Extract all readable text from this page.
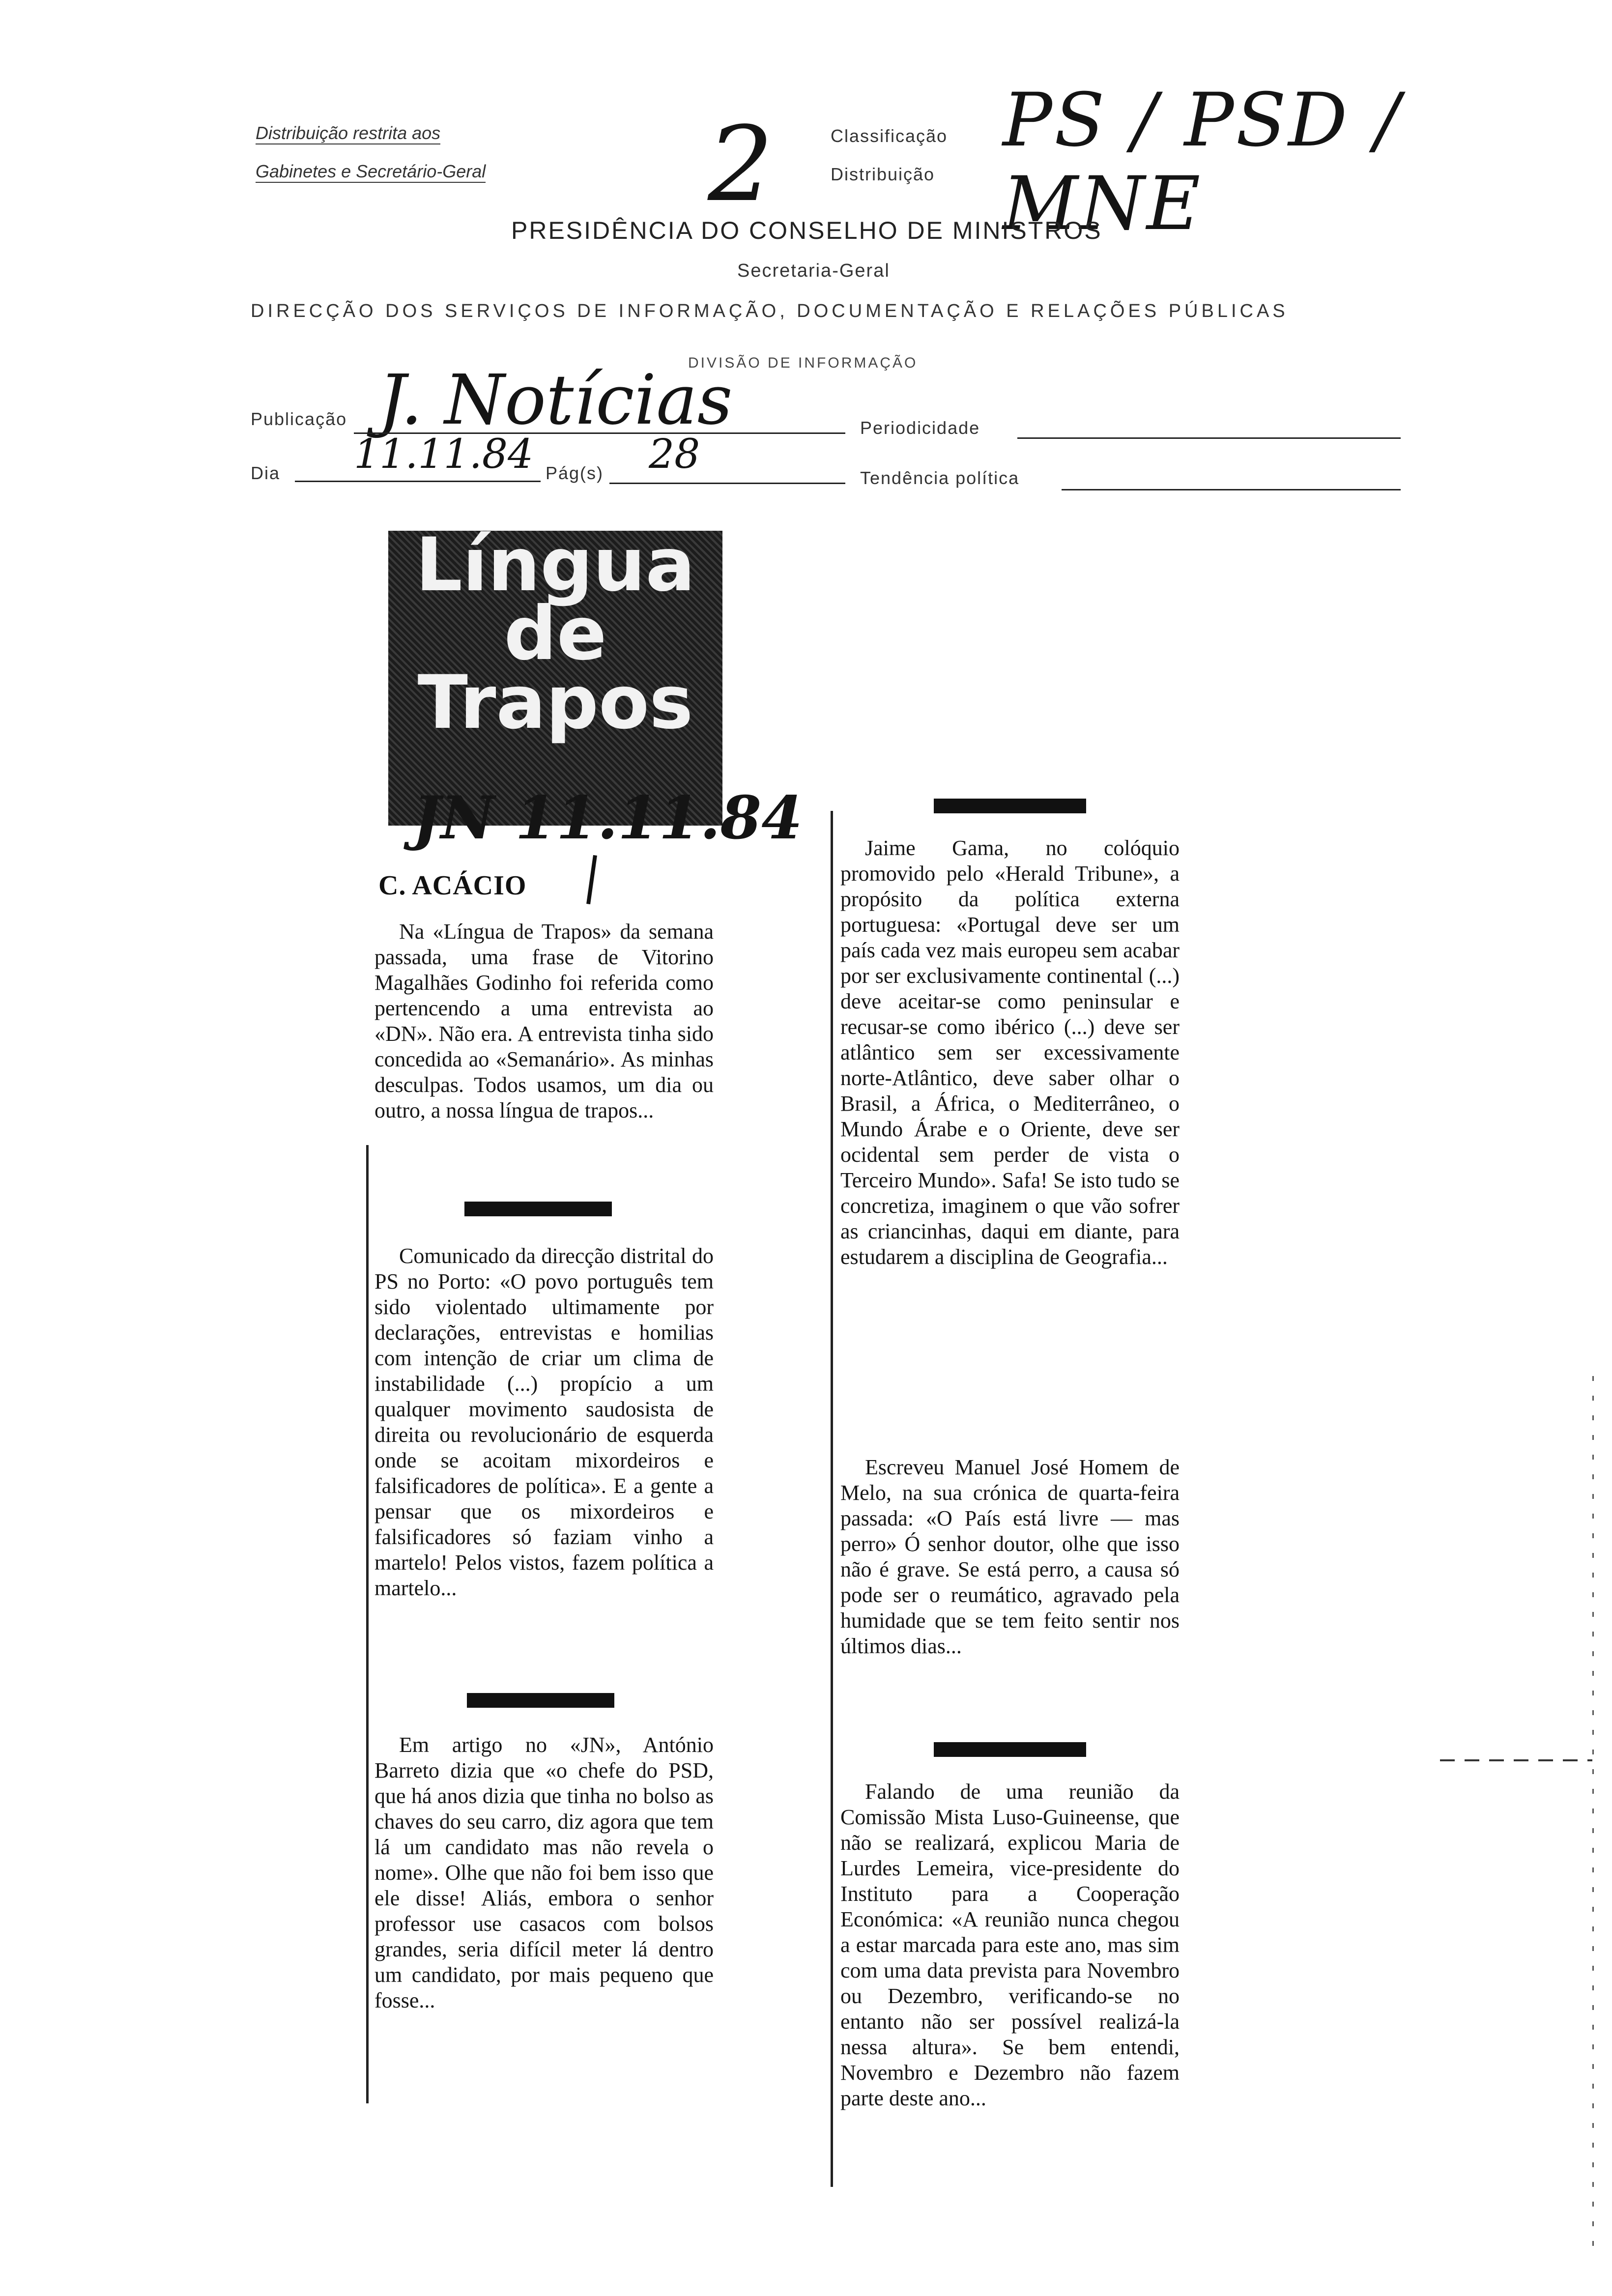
Distribuição restrita aos
Gabinetes e Secretário-Geral
Classificação
Distribuição
2	PS / PSD / MNE
PRESIDÊNCIA DO CONSELHO DE MINISTROS
Secretaria-Geral
DIRECÇÃO DOS SERVIÇOS DE INFORMAÇÃO, DOCUMENTAÇÃO E RELAÇÕES PÚBLICAS
DIVISÃO DE INFORMAÇÃO
Publicação J. Notícias	Periodicidade
Dia 11.11.84 Pág(s) 28
Tendência política
Língua
de
Trapos
JN 11.11.84
C. ACÁCIO

Na «Língua de Trapos» da semana passada, uma frase de Vitorino Magalhães Godinho foi referida como pertencendo a uma entrevista ao «DN». Não era. A entrevista tinha sido concedida ao «Semanário». As minhas desculpas. Todos usamos, um dia ou outro, a nossa língua de trapos...

Comunicado da direcção distrital do PS no Porto: «O povo português tem sido violentado ultimamente por declarações, entrevistas e homilias com intenção de criar um clima de instabilidade (...) propício a um qualquer movimento saudosista de direita ou revolucionário de esquerda onde se acoitam mixordeiros e falsificadores de política». E a gente a pensar que os mixordeiros e falsificadores só faziam vinho a martelo! Pelos vistos, fazem política a martelo...

Em artigo no «JN», António Barreto dizia que «o chefe do PSD, que há anos dizia que tinha no bolso as chaves do seu carro, diz agora que tem lá um candidato mas não revela o nome». Olhe que não foi bem isso que ele disse! Aliás, embora o senhor professor use casacos com bolsos grandes, seria difícil meter lá dentro um candidato, por mais pequeno que fosse...

Jaime Gama, no colóquio promovido pelo «Herald Tribune», a propósito da política externa portuguesa: «Portugal deve ser um país cada vez mais europeu sem acabar por ser exclusivamente continental (...) deve aceitar-se como peninsular e recusar-se como ibérico (...) deve ser atlântico sem ser excessivamente norte-Atlântico, deve saber olhar o Brasil, a África, o Mediterrâneo, o Mundo Árabe e o Oriente, deve ser ocidental sem perder de vista o Terceiro Mundo». Safa! Se isto tudo se concretiza, imaginem o que vão sofrer as criancinhas, daqui em diante, para estudarem a disciplina de Geografia...

Escreveu Manuel José Homem de Melo, na sua crónica de quarta-feira passada: «O País está livre — mas perro» Ó senhor doutor, olhe que isso não é grave. Se está perro, a causa só pode ser o reumático, agravado pela humidade que se tem feito sentir nos últimos dias...

Falando de uma reunião da Comissão Mista Luso-Guineense, que não se realizará, explicou Maria de Lurdes Lemeira, vice-presidente do Instituto para a Cooperação Económica: «A reunião nunca chegou a estar marcada para este ano, mas sim com uma data prevista para Novembro ou Dezembro, verificando-se no entanto não ser possível realizá-la nessa altura». Se bem entendi, Novembro e Dezembro não fazem parte deste ano...
